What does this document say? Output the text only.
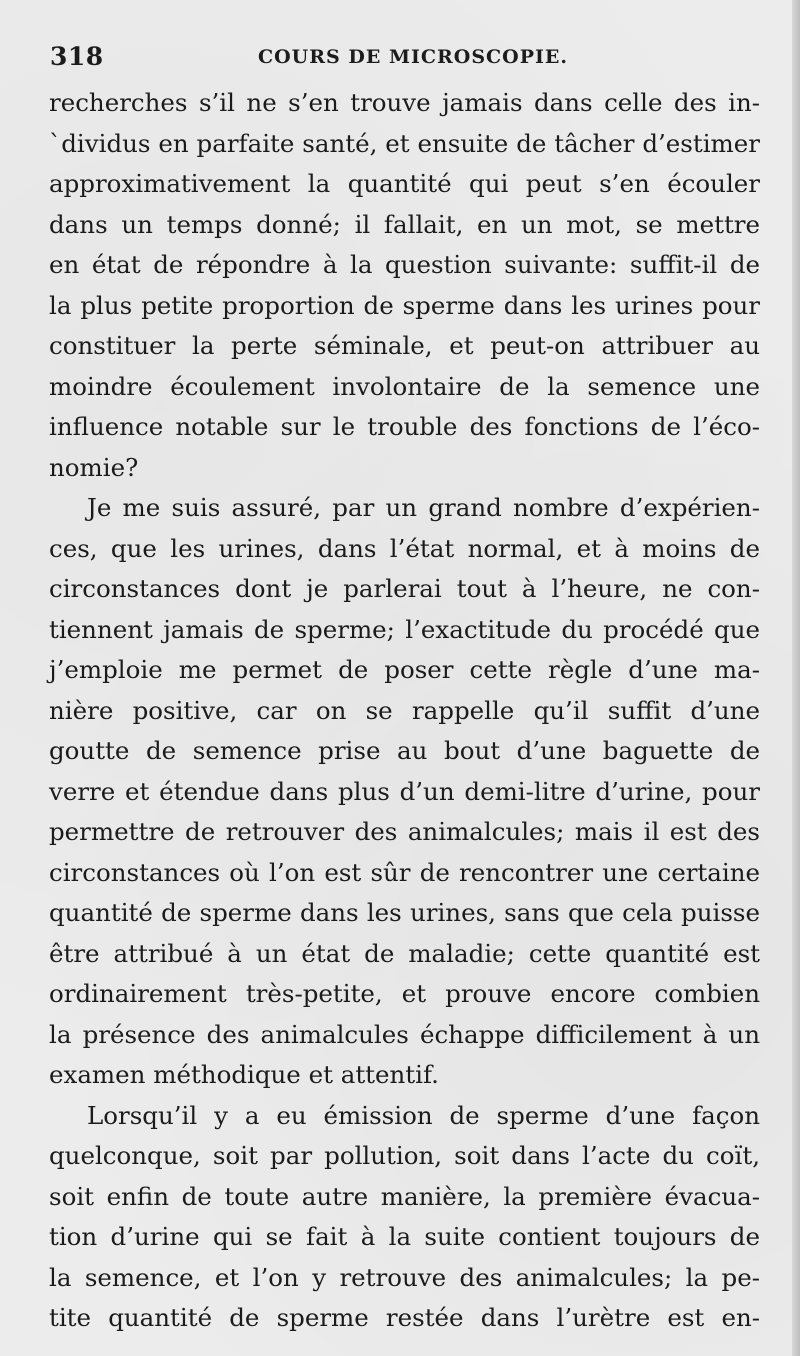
318	COURS DE MICROSCOPIE.
recherches s’il ne s’en trouve jamais dans celle des in-
`dividus en parfaite santé, et ensuite de tâcher d’estimer
approximativement la quantité qui peut s’en écouler
dans un temps donné; il fallait, en un mot, se mettre
en état de répondre à la question suivante: suffit-il de
la plus petite proportion de sperme dans les urines pour
constituer la perte séminale, et peut-on attribuer au
moindre écoulement involontaire de la semence une
influence notable sur le trouble des fonctions de l’éco-
nomie?
Je me suis assuré, par un grand nombre d’expérien-
ces, que les urines, dans l’état normal, et à moins de
circonstances dont je parlerai tout à l’heure, ne con-
tiennent jamais de sperme; l’exactitude du procédé que
j’emploie me permet de poser cette règle d’une ma-
nière positive, car on se rappelle qu’il suffit d’une
goutte de semence prise au bout d’une baguette de
verre et étendue dans plus d’un demi-litre d’urine, pour
permettre de retrouver des animalcules; mais il est des
circonstances où l’on est sûr de rencontrer une certaine
quantité de sperme dans les urines, sans que cela puisse
être attribué à un état de maladie; cette quantité est
ordinairement très-petite, et prouve encore combien
la présence des animalcules échappe difficilement à un
examen méthodique et attentif.
Lorsqu’il y a eu émission de sperme d’une façon
quelconque, soit par pollution, soit dans l’acte du coït,
soit enfin de toute autre manière, la première évacua-
tion d’urine qui se fait à la suite contient toujours de
la semence, et l’on y retrouve des animalcules; la pe-
tite quantité de sperme restée dans l’urètre est en-
